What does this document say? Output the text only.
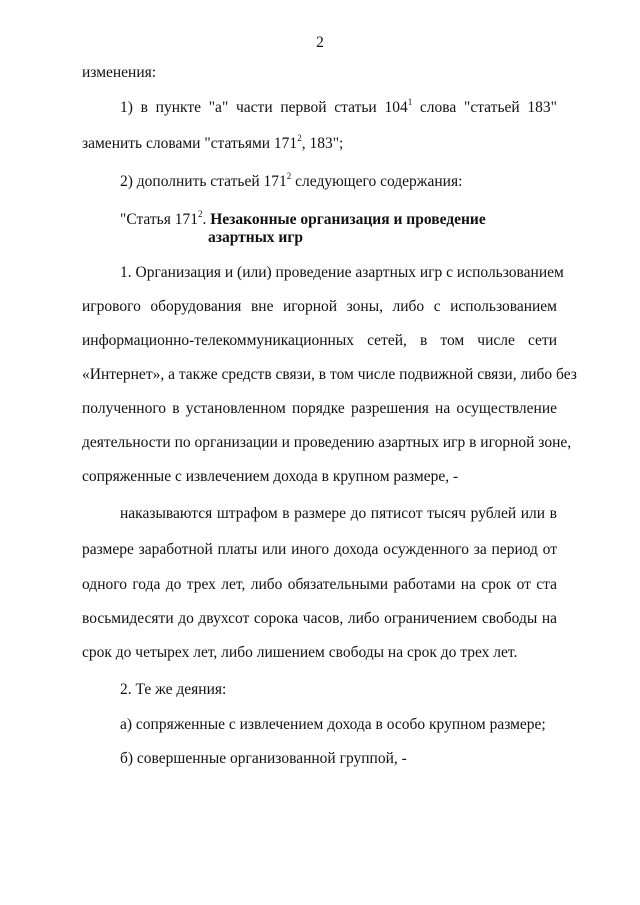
2
изменения:
1) в пункте "а" части первой статьи $104^1$ слова "статьей 183"
заменить словами "статьями $171^2$, 183";
2) дополнить статьей $171^2$ следующего содержания:
"Статья $171^2$. Незаконные организация и проведение
азартных игр
1. Организация и (или) проведение азартных игр с использованием
игрового оборудования вне игорной зоны, либо с использованием
информационно-телекоммуникационных сетей, в том числе сети
«Интернет», а также средств связи, в том числе подвижной связи, либо без
полученного в установленном порядке разрешения на осуществление
деятельности по организации и проведению азартных игр в игорной зоне,
сопряженные с извлечением дохода в крупном размере, -
наказываются штрафом в размере до пятисот тысяч рублей или в
размере заработной платы или иного дохода осужденного за период от
одного года до трех лет, либо обязательными работами на срок от ста
восьмидесяти до двухсот сорока часов, либо ограничением свободы на
срок до четырех лет, либо лишением свободы на срок до трех лет.
2. Те же деяния:
а) сопряженные с извлечением дохода в особо крупном размере;
б) совершенные организованной группой, -
